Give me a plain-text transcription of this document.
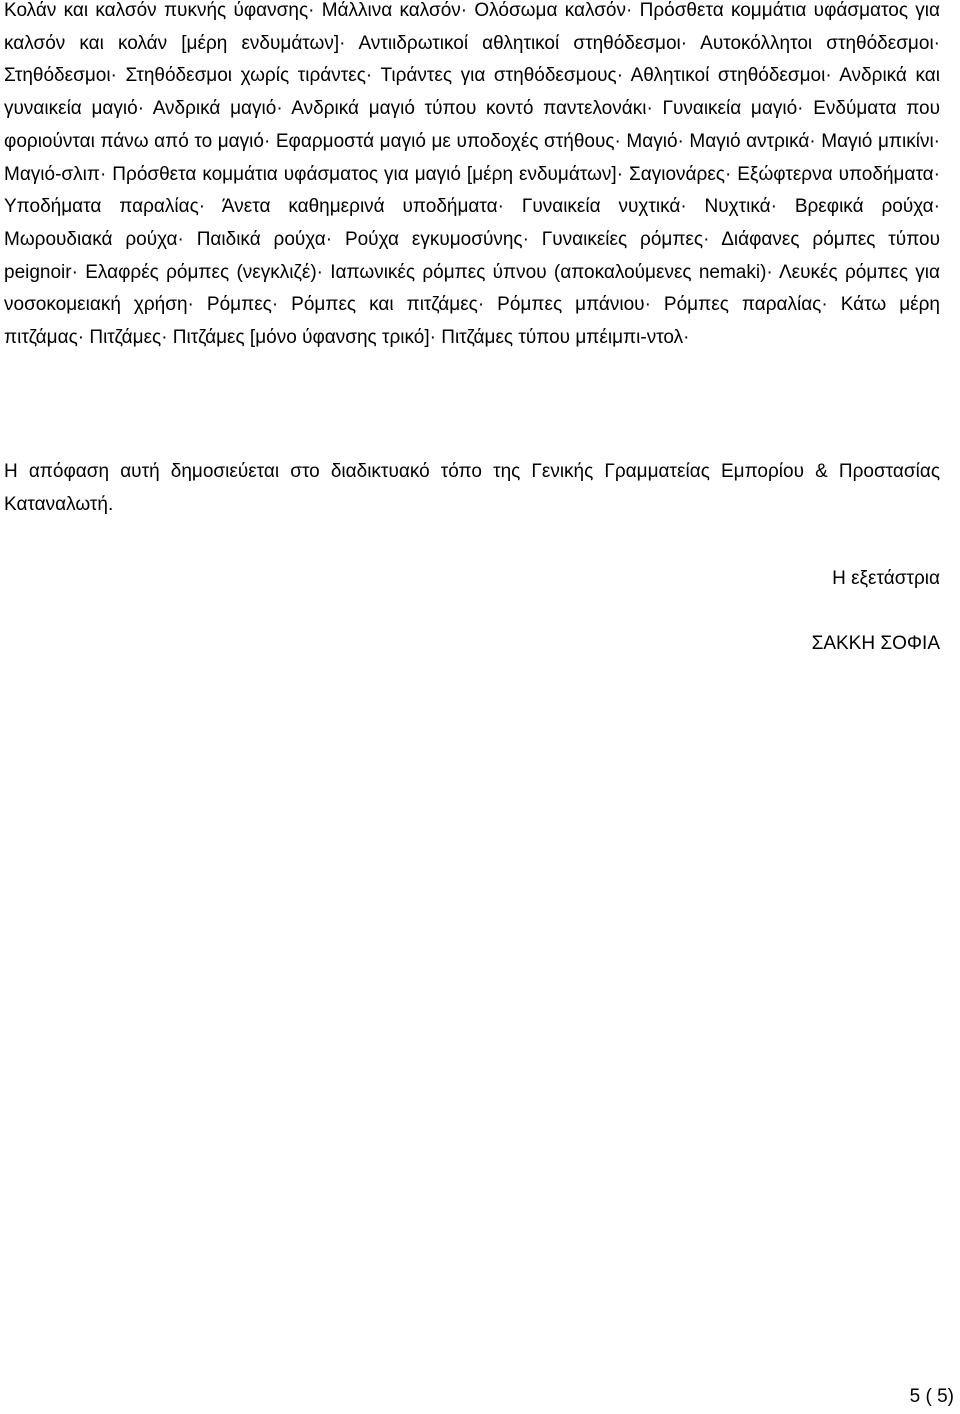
Κολάν και καλσόν πυκνής ύφανσης· Μάλλινα καλσόν· Ολόσωμα καλσόν· Πρόσθετα κομμάτια υφάσματος για καλσόν και κολάν [μέρη ενδυμάτων]· Αντιιδρωτικοί αθλητικοί στηθόδεσμοι· Αυτοκόλλητοι στηθόδεσμοι· Στηθόδεσμοι· Στηθόδεσμοι χωρίς τιράντες· Τιράντες για στηθόδεσμους· Αθλητικοί στηθόδεσμοι· Ανδρικά και γυναικεία μαγιό· Ανδρικά μαγιό· Ανδρικά μαγιό τύπου κοντό παντελονάκι· Γυναικεία μαγιό· Ενδύματα που φοριούνται πάνω από το μαγιό· Εφαρμοστά μαγιό με υποδοχές στήθους· Μαγιό· Μαγιό αντρικά· Μαγιό μπικίνι· Μαγιό-σλιπ· Πρόσθετα κομμάτια υφάσματος για μαγιό [μέρη ενδυμάτων]· Σαγιονάρες· Εξώφτερνα υποδήματα· Υποδήματα παραλίας· Άνετα καθημερινά υποδήματα· Γυναικεία νυχτικά· Νυχτικά· Βρεφικά ρούχα· Μωρουδιακά ρούχα· Παιδικά ρούχα· Ρούχα εγκυμοσύνης· Γυναικείες ρόμπες· Διάφανες ρόμπες τύπου peignoir· Ελαφρές ρόμπες (νεγκλιζέ)· Ιαπωνικές ρόμπες ύπνου (αποκαλούμενες nemaki)· Λευκές ρόμπες για νοσοκομειακή χρήση· Ρόμπες· Ρόμπες και πιτζάμες· Ρόμπες μπάνιου· Ρόμπες παραλίας· Κάτω μέρη πιτζάμας· Πιτζάμες· Πιτζάμες [μόνο ύφανσης τρικό]· Πιτζάμες τύπου μπέιμπι-ντολ·

Η απόφαση αυτή δημοσιεύεται στο διαδικτυακό τόπο της Γενικής Γραμματείας Εμπορίου & Προστασίας Καταναλωτή.

Η εξετάστρια

ΣΑΚΚΗ ΣΟΦΙΑ

5 ( 5)
